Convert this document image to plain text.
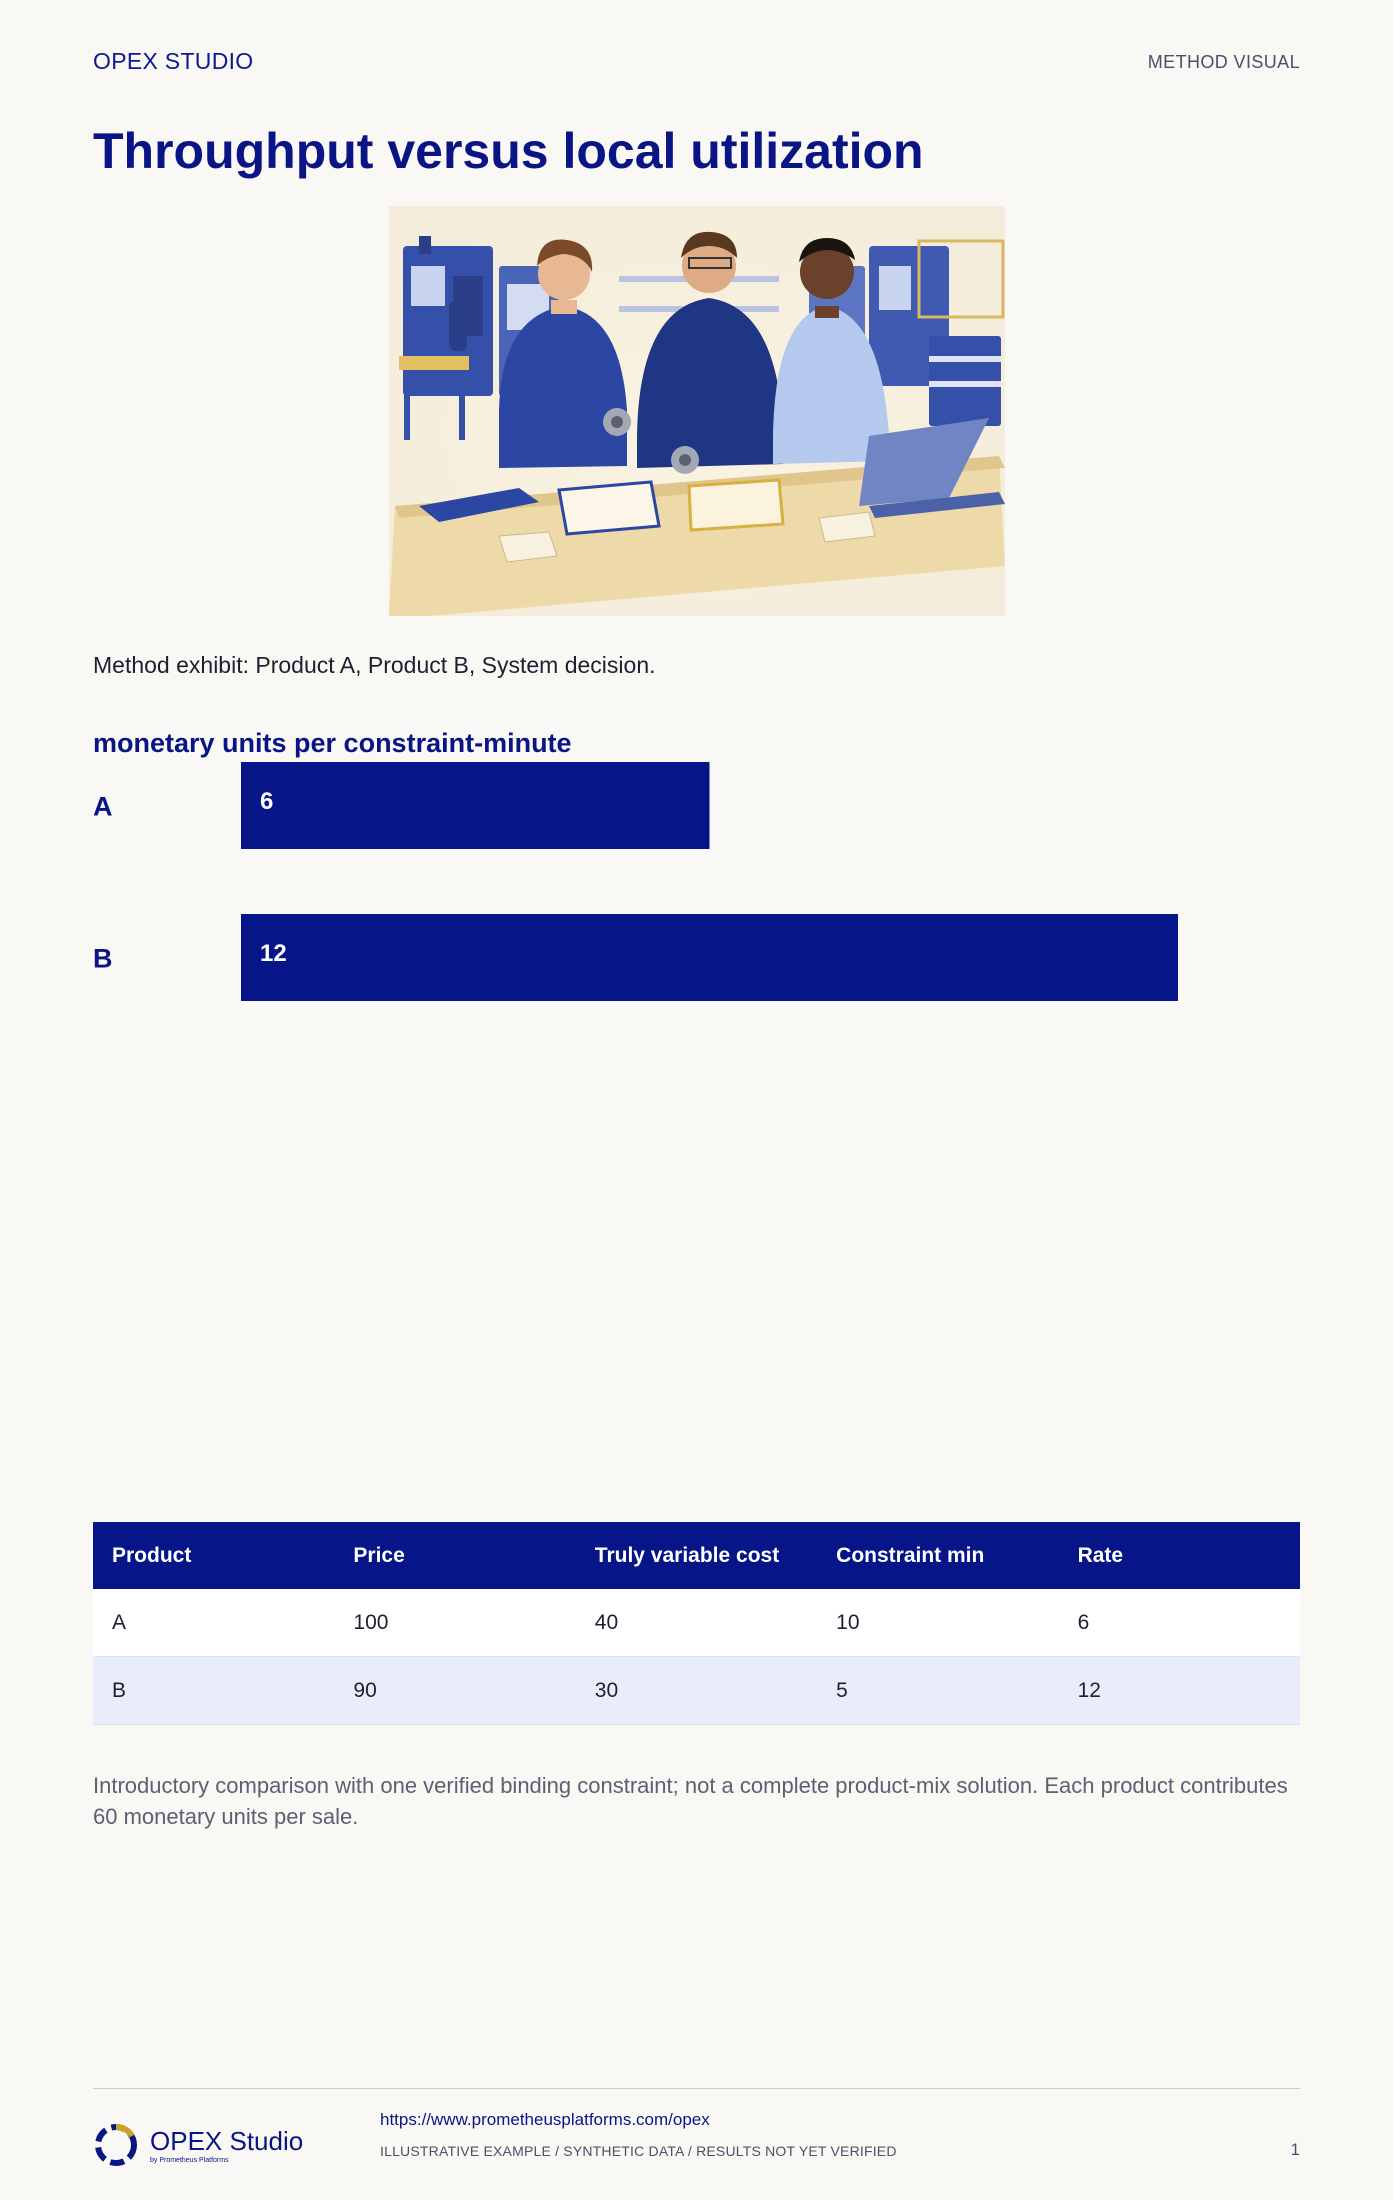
OPEX STUDIO	METHOD VISUAL
Throughput versus local utilization
Method exhibit: Product A, Product B, System decision.
monetary units per constraint-minute
A	6
B	12
Product	Price	Truly variable cost	Constraint min	Rate
A	100	40	10	6
B	90	30	5	12
Introductory comparison with one verified binding constraint; not a complete product-mix solution. Each product contributes 60 monetary units per sale.
OPEX Studio
by Prometheus Platforms
https://www.prometheusplatforms.com/opex
ILLUSTRATIVE EXAMPLE / SYNTHETIC DATA / RESULTS NOT YET VERIFIED	1
